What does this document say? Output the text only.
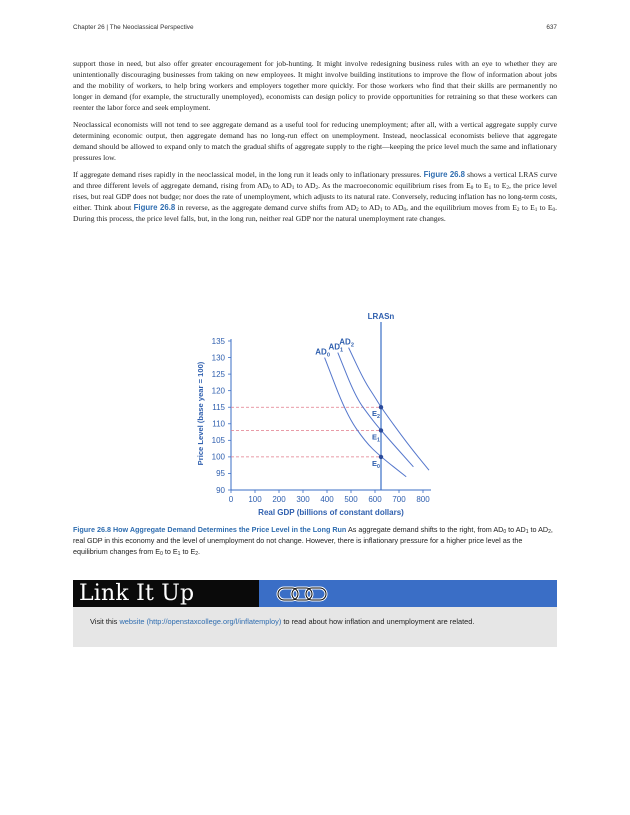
Chapter 26 | The Neoclassical Perspective	637

support those in need, but also offer greater encouragement for job-hunting. It might involve redesigning business rules with an eye to whether they are unintentionally discouraging businesses from taking on new employees. It might involve building institutions to improve the flow of information about jobs and the mobility of workers, to help bring workers and employers together more quickly. For those workers who find that their skills are permanently no longer in demand (for example, the structurally unemployed), economists can design policy to provide opportunities for retraining so that these workers can reenter the labor force and seek employment.

Neoclassical economists will not tend to see aggregate demand as a useful tool for reducing unemployment; after all, with a vertical aggregate supply curve determining economic output, then aggregate demand has no long-run effect on unemployment. Instead, neoclassical economists believe that aggregate demand should be allowed to expand only to match the gradual shifts of aggregate supply to the right—keeping the price level much the same and inflationary pressures low.

If aggregate demand rises rapidly in the neoclassical model, in the long run it leads only to inflationary pressures. Figure 26.8 shows a vertical LRAS curve and three different levels of aggregate demand, rising from $AD_0$ to $AD_1$ to $AD_2$. As the macroeconomic equilibrium rises from $E_0$ to $E_1$ to $E_2$, the price level rises, but real GDP does not budge; nor does the rate of unemployment, which adjusts to its natural rate. Conversely, reducing inflation has no long-term costs, either. Think about Figure 26.8 in reverse, as the aggregate demand curve shifts from $AD_2$ to $AD_1$ to $AD_0$, and the equilibrium moves from $E_2$ to $E_1$ to $E_0$. During this process, the price level falls, but, in the long run, neither real GDP nor the natural unemployment rate changes.

90
95
100
105
110
115
120
125
130
135
0 100 200 300 400 500 600 700 800
Real GDP (billions of constant dollars)
Price Level (base year = 100)
LRASn
$AD_0$
$AD_1$
$AD_2$
$E_0$
$E_1$
$E_2$
Figure 26.8 How Aggregate Demand Determines the Price Level in the Long Run As aggregate demand shifts to the right, from $AD_0$ to $AD_1$ to $AD_2$, real GDP in this economy and the level of unemployment do not change. However, there is inflationary pressure for a higher price level as the equilibrium changes from $E_0$ to $E_1$ to $E_2$.
Link It Up
Visit this website (http://openstaxcollege.org/l/inflatemploy) to read about how inflation and unemployment are related.
